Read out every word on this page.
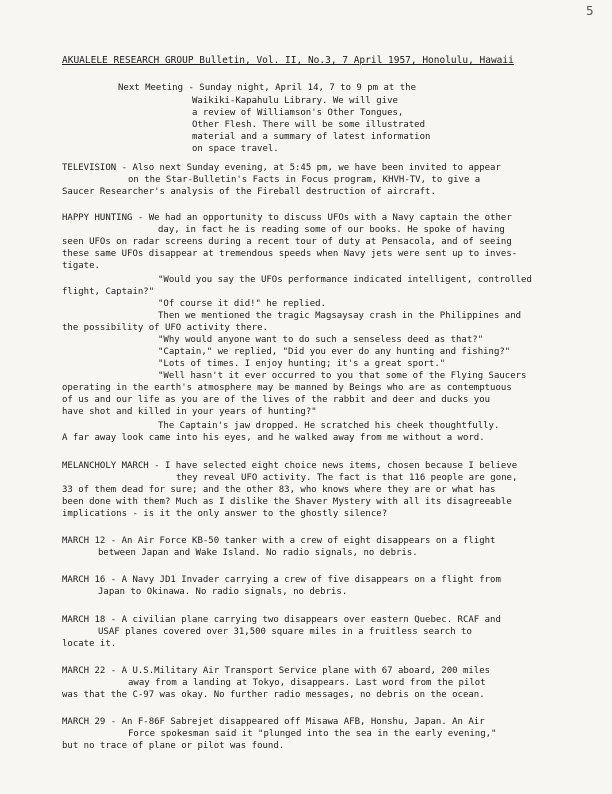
5
AKUALELE RESEARCH GROUP Bulletin, Vol. II, No.3, 7 April 1957, Honolulu, Hawaii
Next Meeting - Sunday night, April 14, 7 to 9 pm at the
Waikiki-Kapahulu Library. We will give
a review of Williamson's Other Tongues,
Other Flesh. There will be some illustrated
material and a summary of latest information
on space travel.
TELEVISION - Also next Sunday evening, at 5:45 pm, we have been invited to appear
on the Star-Bulletin's Facts in Focus program, KHVH-TV, to give a
Saucer Researcher's analysis of the Fireball destruction of aircraft.
HAPPY HUNTING - We had an opportunity to discuss UFOs with a Navy captain the other
day, in fact he is reading some of our books. He spoke of having
seen UFOs on radar screens during a recent tour of duty at Pensacola, and of seeing
these same UFOs disappear at tremendous speeds when Navy jets were sent up to inves-
tigate.
"Would you say the UFOs performance indicated intelligent, controlled
flight, Captain?"
"Of course it did!" he replied.
Then we mentioned the tragic Magsaysay crash in the Philippines and
the possibility of UFO activity there.
"Why would anyone want to do such a senseless deed as that?"
"Captain," we replied, "Did you ever do any hunting and fishing?"
"Lots of times. I enjoy hunting; it's a great sport."
"Well hasn't it ever occurred to you that some of the Flying Saucers
operating in the earth's atmosphere may be manned by Beings who are as contemptuous
of us and our life as you are of the lives of the rabbit and deer and ducks you
have shot and killed in your years of hunting?"
The Captain's jaw dropped. He scratched his cheek thoughtfully.
A far away look came into his eyes, and he walked away from me without a word.
MELANCHOLY MARCH - I have selected eight choice news items, chosen because I believe
they reveal UFO activity. The fact is that 116 people are gone,
33 of them dead for sure; and the other 83, who knows where they are or what has
been done with them? Much as I dislike the Shaver Mystery with all its disagreeable
implications - is it the only answer to the ghostly silence?
MARCH 12 - An Air Force KB-50 tanker with a crew of eight disappears on a flight
between Japan and Wake Island. No radio signals, no debris.
MARCH 16 - A Navy JD1 Invader carrying a crew of five disappears on a flight from
Japan to Okinawa. No radio signals, no debris.
MARCH 18 - A civilian plane carrying two disappears over eastern Quebec. RCAF and
USAF planes covered over 31,500 square miles in a fruitless search to
locate it.
MARCH 22 - A U.S.Military Air Transport Service plane with 67 aboard, 200 miles
away from a landing at Tokyo, disappears. Last word from the pilot
was that the C-97 was okay. No further radio messages, no debris on the ocean.
MARCH 29 - An F-86F Sabrejet disappeared off Misawa AFB, Honshu, Japan. An Air
Force spokesman said it "plunged into the sea in the early evening,"
but no trace of plane or pilot was found.
